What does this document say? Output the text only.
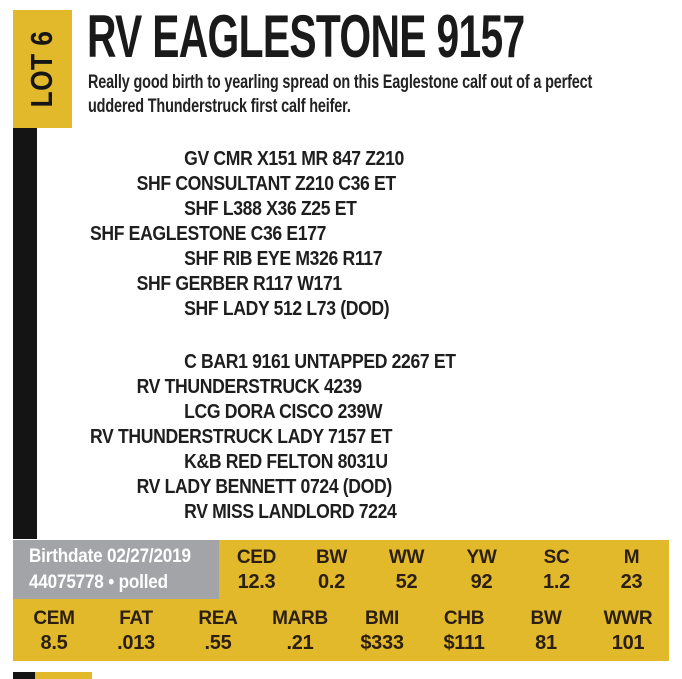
LOT 6 RV EAGLESTONE 9157
Really good birth to yearling spread on this Eaglestone calf out of a perfect
uddered Thunderstruck first calf heifer.
GV CMR X151 MR 847 Z210
SHF CONSULTANT Z210 C36 ET
SHF L388 X36 Z25 ET
SHF EAGLESTONE C36 E177
SHF RIB EYE M326 R117
SHF GERBER R117 W171
SHF LADY 512 L73 (DOD)
C BAR1 9161 UNTAPPED 2267 ET
RV THUNDERSTRUCK 4239
LCG DORA CISCO 239W
RV THUNDERSTRUCK LADY 7157 ET
K&B RED FELTON 8031U
RV LADY BENNETT 0724 (DOD)
RV MISS LANDLORD 7224
Birthdate 02/27/2019
44075778 • polled
CED
12.3
BW
0.2
WW
52
YW
92
SC
1.2
M
23
CEM
8.5
FAT
.013
REA
.55
MARB
.21
BMI
$333
CHB
$111
BW
81
WWR
101
